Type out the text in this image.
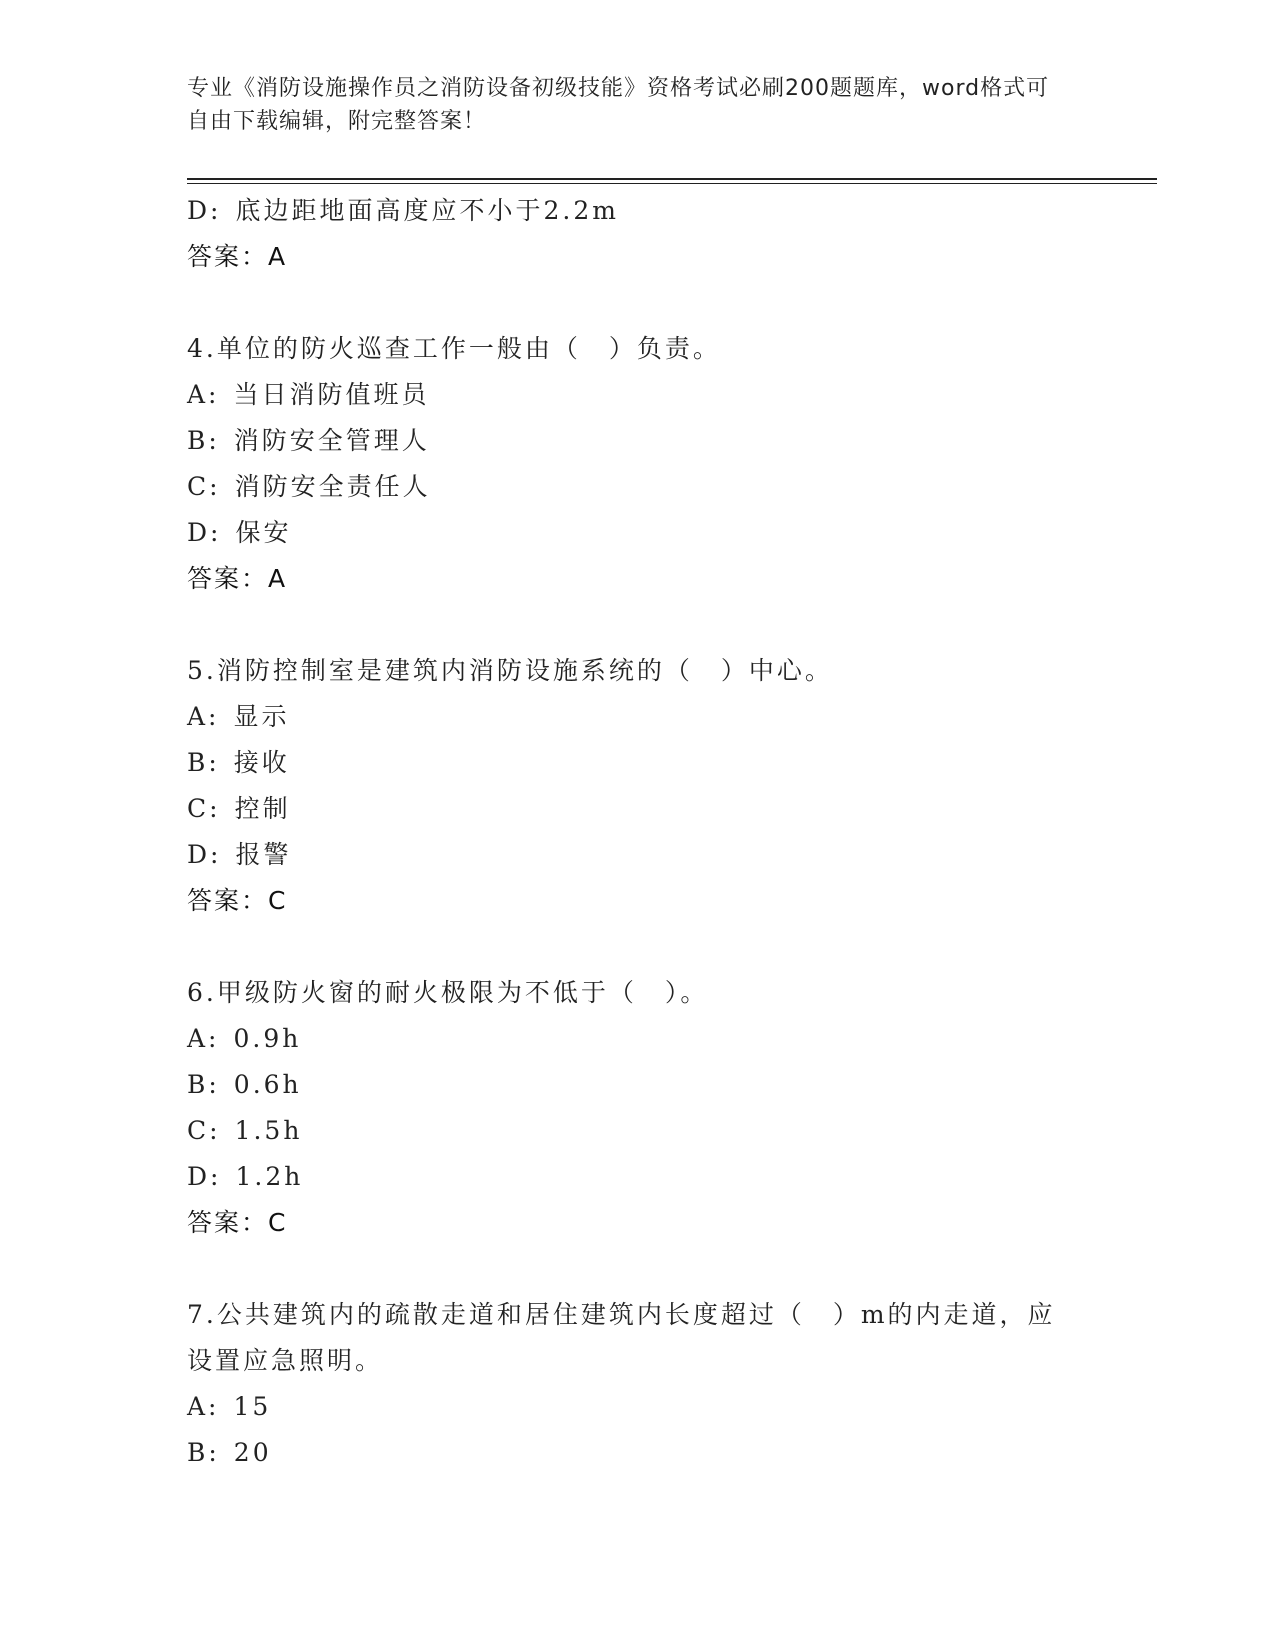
专业《消防设施操作员之消防设备初级技能》资格考试必刷200题题库，word格式可自由下载编辑，附完整答案！
D: 底边距地面高度应不小于2.2m
答案：A
4.单位的防火巡查工作一般由（　）负责。
A: 当日消防值班员
B: 消防安全管理人
C: 消防安全责任人
D: 保安
答案：A
5.消防控制室是建筑内消防设施系统的（　）中心。
A: 显示
B: 接收
C: 控制
D: 报警
答案：C
6.甲级防火窗的耐火极限为不低于（　）。
A: 0.9h
B: 0.6h
C: 1.5h
D: 1.2h
答案：C
7.公共建筑内的疏散走道和居住建筑内长度超过（　）m的内走道，应设置应急照明。
A: 15
B: 20
